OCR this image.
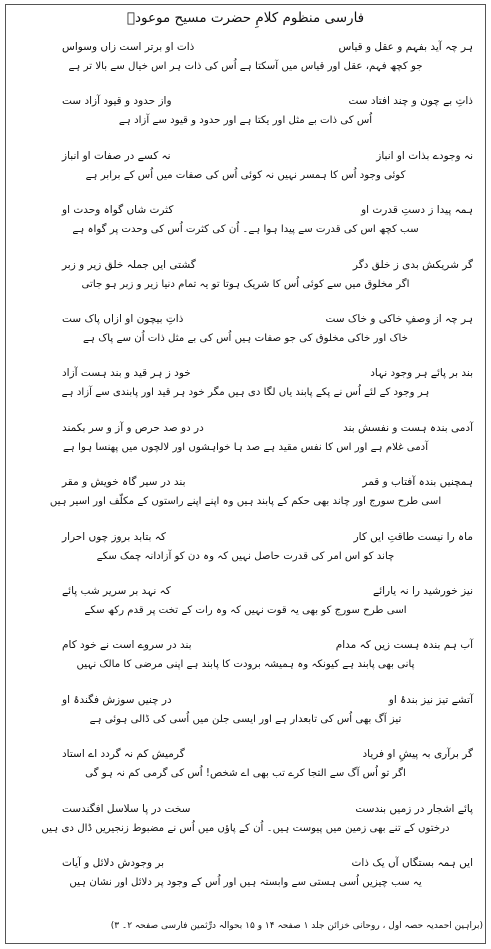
فارسی منظوم کلامِ حضرت مسیح موعودؑ
ہر چہ آید بفہم و عقل و قیاس
ذات او برتر است زاں وسواس
جو کچھ فہم، عقل اور قیاس میں آسکتا ہے اُس کی ذات ہر اس خیال سے بالا تر ہے
ذاتِ بے چون و چند افتاد ست
واز حدود و قیود آزاد ست
اُس کی ذات بے مثل اور یکتا ہے اور حدود و قیود سے آزاد ہے
نہ وجودے بذات او انباز
نہ کسے در صفات او انباز
کوئی وجود اُس کا ہمسر نہیں نہ کوئی اُس کی صفات میں اُس کے برابر ہے
ہمہ پیدا ز دستِ قدرت او
کثرت شاں گواہ وحدت او
سب کچھ اس کی قدرت سے پیدا ہوا ہے۔ اُن کی کثرت اُس کی وحدت پر گواہ ہے
گر شریکش بدی ز خلق دگر
گشتی ایں جملہ خلق زیر و زبر
اگر مخلوق میں سے کوئی اُس کا شریک ہوتا تو یہ تمام دنیا زیر و زبر ہو جاتی
ہر چہ از وصفِ خاکی و خاک ست
ذاتِ بیچون او ازاں پاک ست
خاک اور خاکی مخلوق کی جو صفات ہیں اُس کی بے مثل ذات اُن سے پاک ہے
بند بر پائے ہر وجود نہاد
خود ز ہر قید و بند ہست آزاد
ہر وجود کے لئے اُس نے پکے پابند یاں لگا دی ہیں مگر خود ہر قید اور پابندی سے آزاد ہے
آدمی بندہ ہست و نفسش بند
در دو صد حرص و آز و سر بکمند
آدمی غلام ہے اور اس کا نفس مقید ہے صد ہا خواہشوں اور لالچوں میں پھنسا ہوا ہے
ہمچنیں بندہ آفتاب و قمر
بند در سیر گاہ خویش و مقر
اسی طرح سورج اور چاند بھی حکم کے پابند ہیں وہ اپنے اپنے راستوں کے مکلّف اور اسیر ہیں
ماہ را نیست طاقتِ ایں کار
کہ بتابد بروز چوں احرار
چاند کو اس امر کی قدرت حاصل نہیں کہ وہ دن کو آزادانہ چمک سکے
نیز خورشید را نہ یارائے
کہ نہد بر سریر شب پائے
اسی طرح سورج کو بھی یہ قوت نہیں کہ وہ رات کے تخت پر قدم رکھ سکے
آب ہم بندہ ہست زیں کہ مدام
بند در سروے است نے خود کام
پانی بھی پابند ہے کیونکہ وہ ہمیشہ برودت کا پابند ہے اپنی مرضی کا مالک نہیں
آتشے تیز نیز بندۂ او
در چنیں سوزش فگندۂ او
تیز آگ بھی اُس کی تابعدار ہے اور ایسی جلن میں اُسی کی ڈالی ہوئی ہے
گر برآری بہ پیشِ او فریاد
گرمیش کم نہ گردد اے استاد
اگر تو اُس آگ سے التجا کرے تب بھی اے شخص! اُس کی گرمی کم نہ ہو گی
پائے اشجار در زمیں بندست
سخت در پا سلاسل افگندست
درختوں کے تنے بھی زمین میں پیوست ہیں۔ اُن کے پاؤں میں اُس نے مضبوط زنجیریں ڈال دی ہیں
ایں ہمہ بستگاں آں یک ذات
بر وجودش دلائل و آیات
یہ سب چیزیں اُسی ہستی سے وابستہ ہیں اور اُس کے وجود پر دلائل اور نشان ہیں
(براہین احمدیہ حصہ اول ، روحانی خزائن جلد ۱ صفحہ ۱۴ و ۱۵ بحوالہ درِّثمین فارسی صفحہ ۲۔ ۳)
